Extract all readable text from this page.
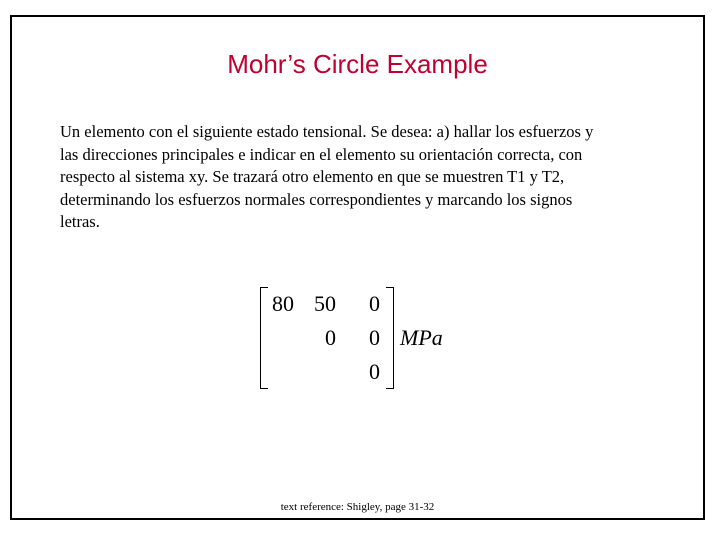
Mohr’s Circle Example
Un elemento con el siguiente estado tensional. Se desea: a) hallar los esfuerzos y
las direcciones principales e indicar en el elemento su orientación correcta, con
respecto al sistema xy. Se trazará otro elemento en que se muestren T1 y T2,
determinando los esfuerzos normales correspondientes y marcando los signos
letras.
80 50	0
0	0
0
MPa
text reference: Shigley, page 31-32
